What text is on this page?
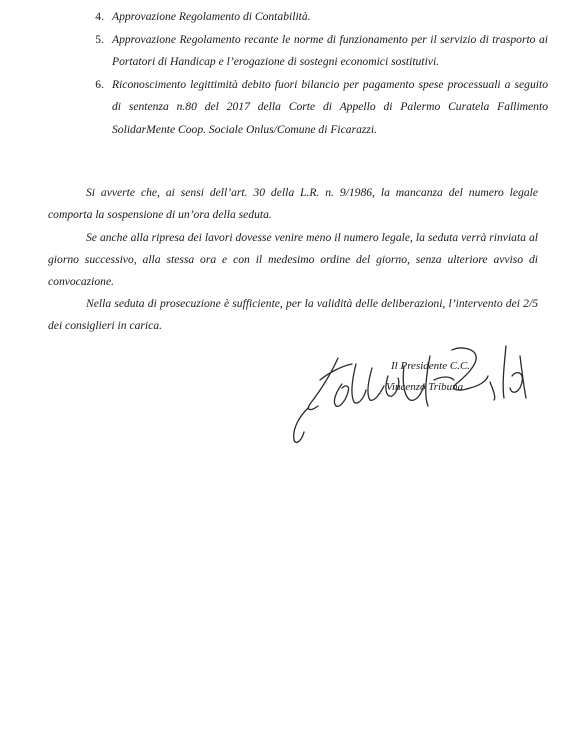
4. Approvazione Regolamento di Contabilità.
5. Approvazione Regolamento recante le norme di funzionamento per il servizio di trasporto ai Portatori di Handicap e l’erogazione di sostegni economici sostitutivi.
6. Riconoscimento legittimità debito fuori bilancio per pagamento spese processuali a seguito di sentenza n.80 del 2017 della Corte di Appello di Palermo Curatela Fallimento SolidarMente Coop. Sociale Onlus/Comune di Ficarazzi.

Si avverte che, ai sensi dell’art. 30 della L.R. n. 9/1986, la mancanza del numero legale comporta la sospensione di un’ora della seduta.

Se anche alla ripresa dei lavori dovesse venire meno il numero legale, la seduta verrà rinviata al giorno successivo, alla stessa ora e con il medesimo ordine del giorno, senza ulteriore avviso di convocazione.

Nella seduta di prosecuzione è sufficiente, per la validità delle deliberazioni, l’intervento dei 2/5 dei consiglieri in carica.

Il Presidente C.C.
Vincenzo Tribuna
